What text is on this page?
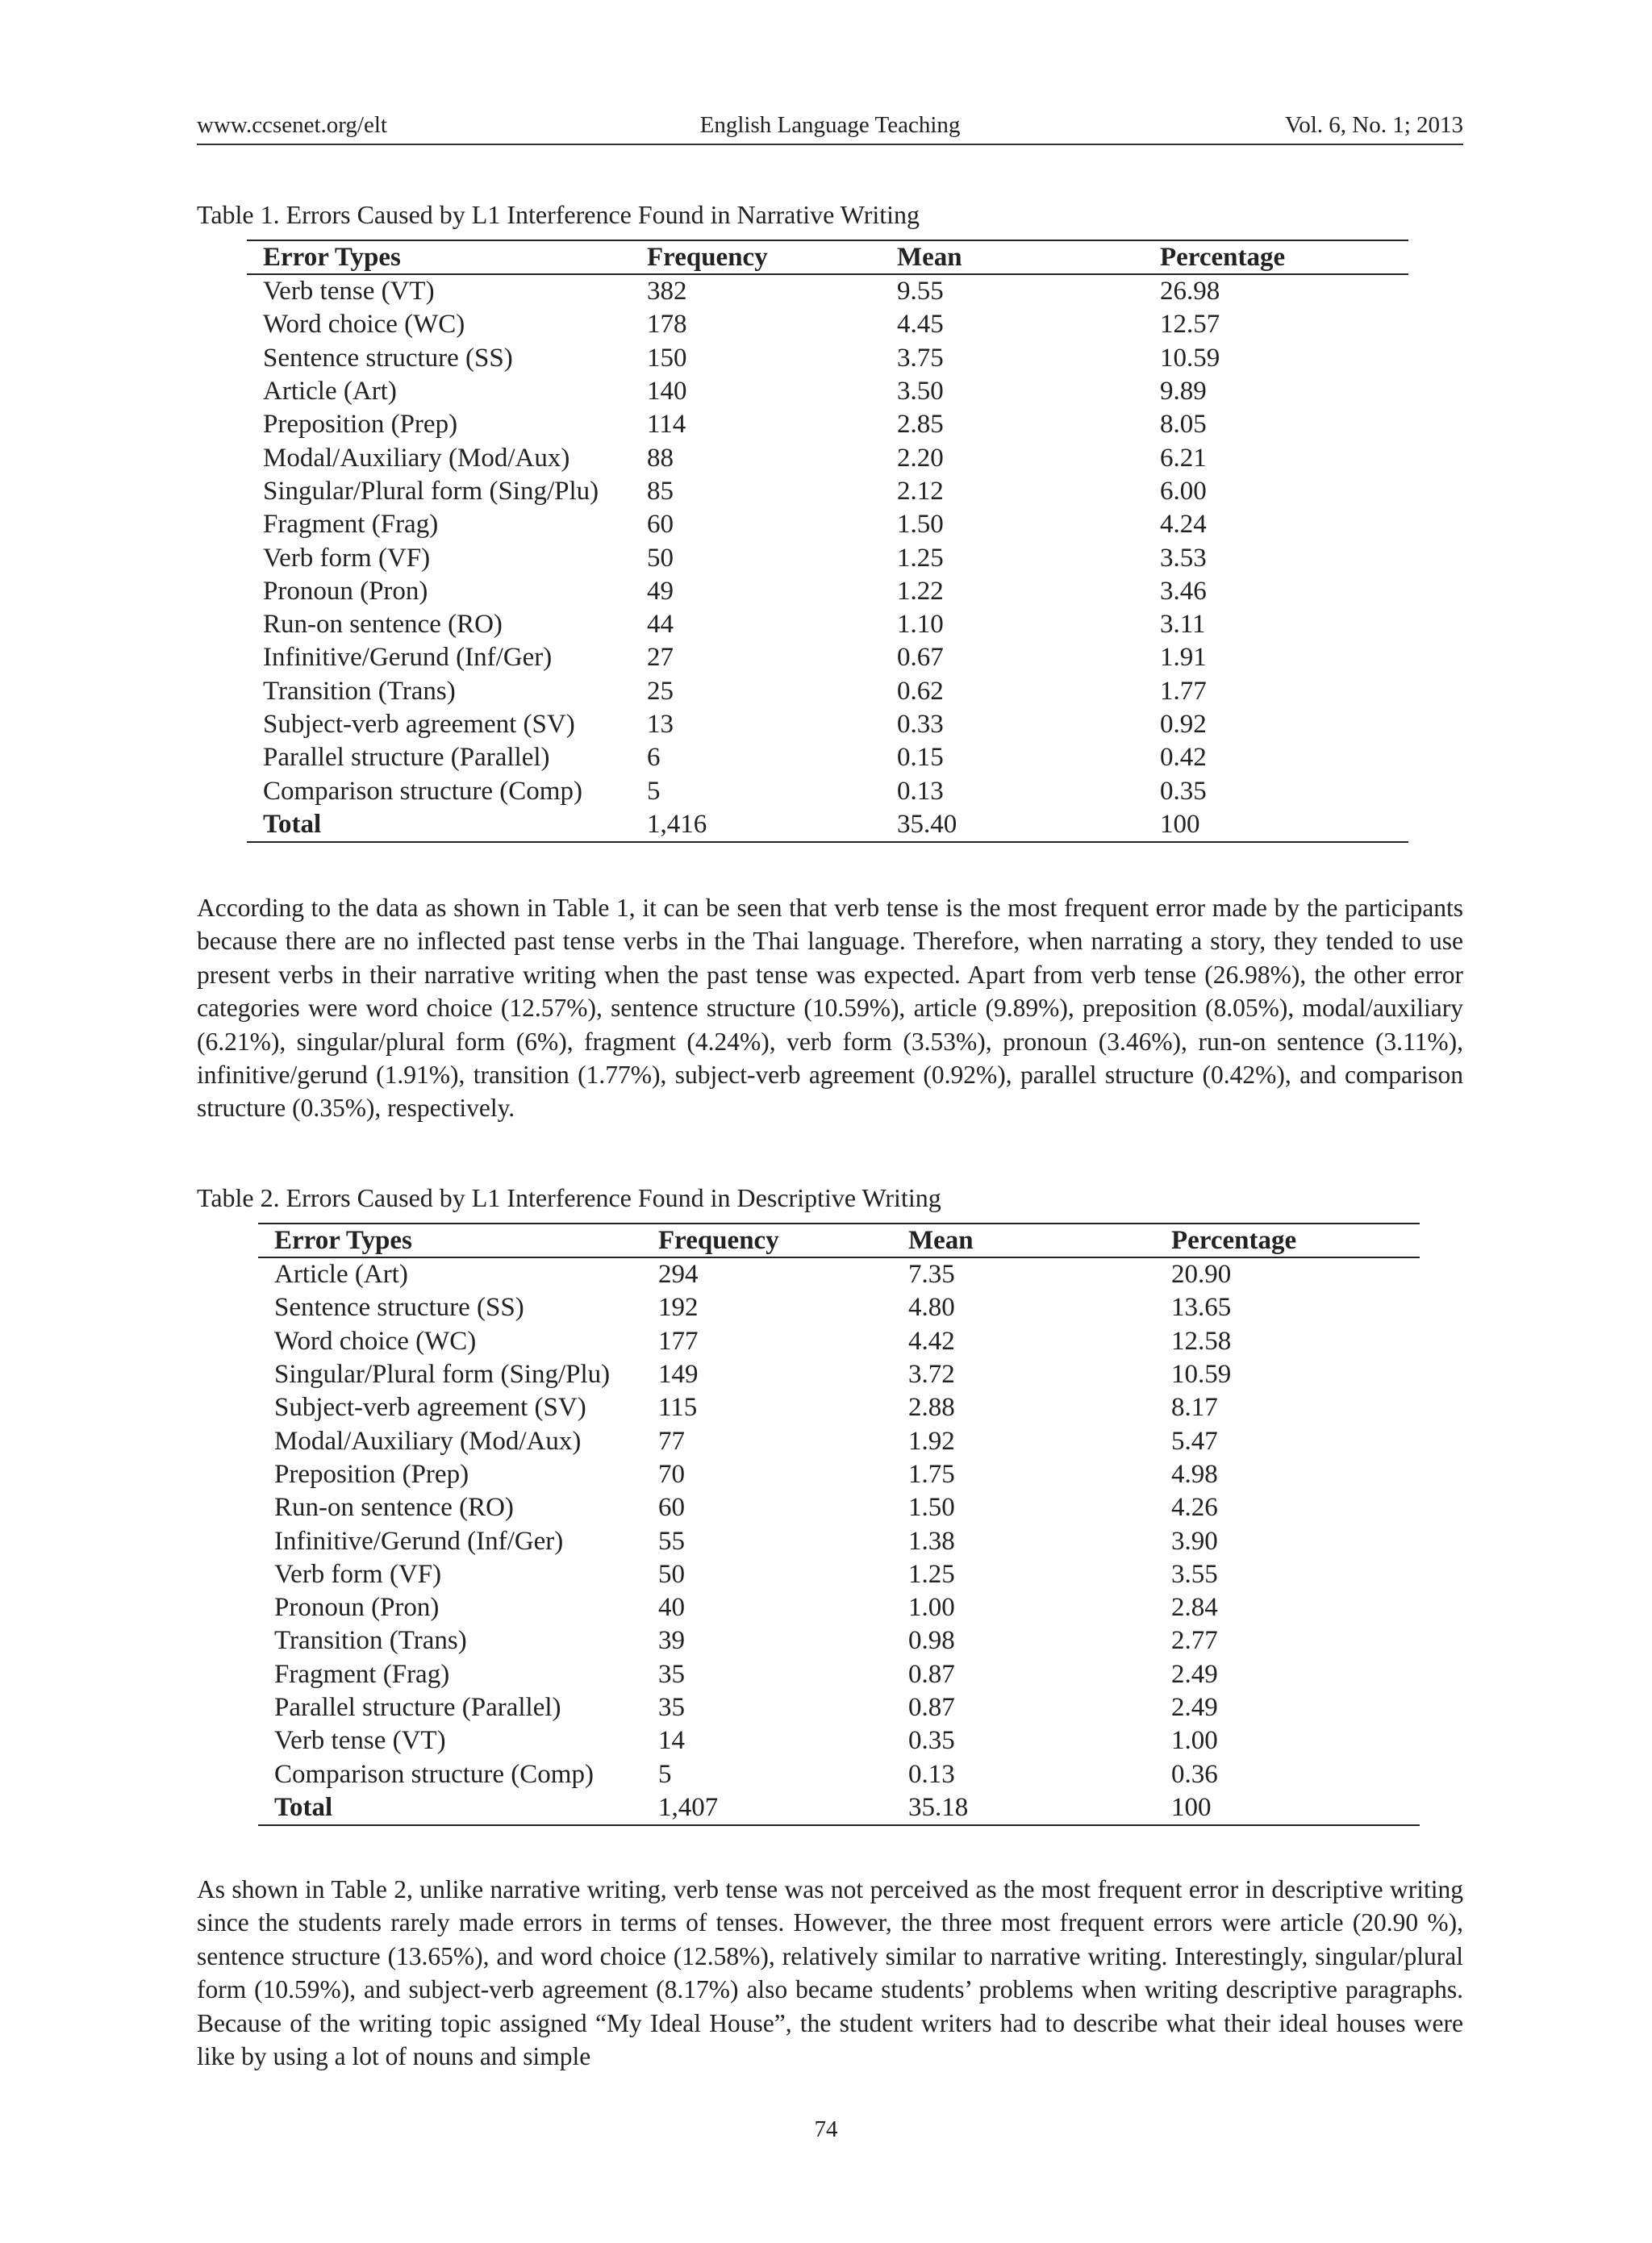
www.ccsenet.org/elt	English Language Teaching	Vol. 6, No. 1; 2013
Table 1. Errors Caused by L1 Interference Found in Narrative Writing
Error Types	Frequency	Mean	Percentage
Verb tense (VT)	382	9.55	26.98
Word choice (WC)	178	4.45	12.57
Sentence structure (SS)	150	3.75	10.59
Article (Art)	140	3.50	9.89
Preposition (Prep)	114	2.85	8.05
Modal/Auxiliary (Mod/Aux)	88	2.20	6.21
Singular/Plural form (Sing/Plu)	85	2.12	6.00
Fragment (Frag)	60	1.50	4.24
Verb form (VF)	50	1.25	3.53
Pronoun (Pron)	49	1.22	3.46
Run-on sentence (RO)	44	1.10	3.11
Infinitive/Gerund (Inf/Ger)	27	0.67	1.91
Transition (Trans)	25	0.62	1.77
Subject-verb agreement (SV)	13	0.33	0.92
Parallel structure (Parallel)	6	0.15	0.42
Comparison structure (Comp)	5	0.13	0.35
Total	1,416	35.40	100

According to the data as shown in Table 1, it can be seen that verb tense is the most frequent error made by the participants because there are no inflected past tense verbs in the Thai language. Therefore, when narrating a story, they tended to use present verbs in their narrative writing when the past tense was expected. Apart from verb tense (26.98%), the other error categories were word choice (12.57%), sentence structure (10.59%), article (9.89%), preposition (8.05%), modal/auxiliary (6.21%), singular/plural form (6%), fragment (4.24%), verb form (3.53%), pronoun (3.46%), run-on sentence (3.11%), infinitive/gerund (1.91%), transition (1.77%), subject-verb agreement (0.92%), parallel structure (0.42%), and comparison structure (0.35%), respectively.

Table 2. Errors Caused by L1 Interference Found in Descriptive Writing
Error Types	Frequency	Mean	Percentage
Article (Art)	294	7.35	20.90
Sentence structure (SS)	192	4.80	13.65
Word choice (WC)	177	4.42	12.58
Singular/Plural form (Sing/Plu)	149	3.72	10.59
Subject-verb agreement (SV)	115	2.88	8.17
Modal/Auxiliary (Mod/Aux)	77	1.92	5.47
Preposition (Prep)	70	1.75	4.98
Run-on sentence (RO)	60	1.50	4.26
Infinitive/Gerund (Inf/Ger)	55	1.38	3.90
Verb form (VF)	50	1.25	3.55
Pronoun (Pron)	40	1.00	2.84
Transition (Trans)	39	0.98	2.77
Fragment (Frag)	35	0.87	2.49
Parallel structure (Parallel)	35	0.87	2.49
Verb tense (VT)	14	0.35	1.00
Comparison structure (Comp)	5	0.13	0.36
Total	1,407	35.18	100

As shown in Table 2, unlike narrative writing, verb tense was not perceived as the most frequent error in descriptive writing since the students rarely made errors in terms of tenses. However, the three most frequent errors were article (20.90 %), sentence structure (13.65%), and word choice (12.58%), relatively similar to narrative writing. Interestingly, singular/plural form (10.59%), and subject-verb agreement (8.17%) also became students’ problems when writing descriptive paragraphs. Because of the writing topic assigned “My Ideal House”, the student writers had to describe what their ideal houses were like by using a lot of nouns and simple

74
